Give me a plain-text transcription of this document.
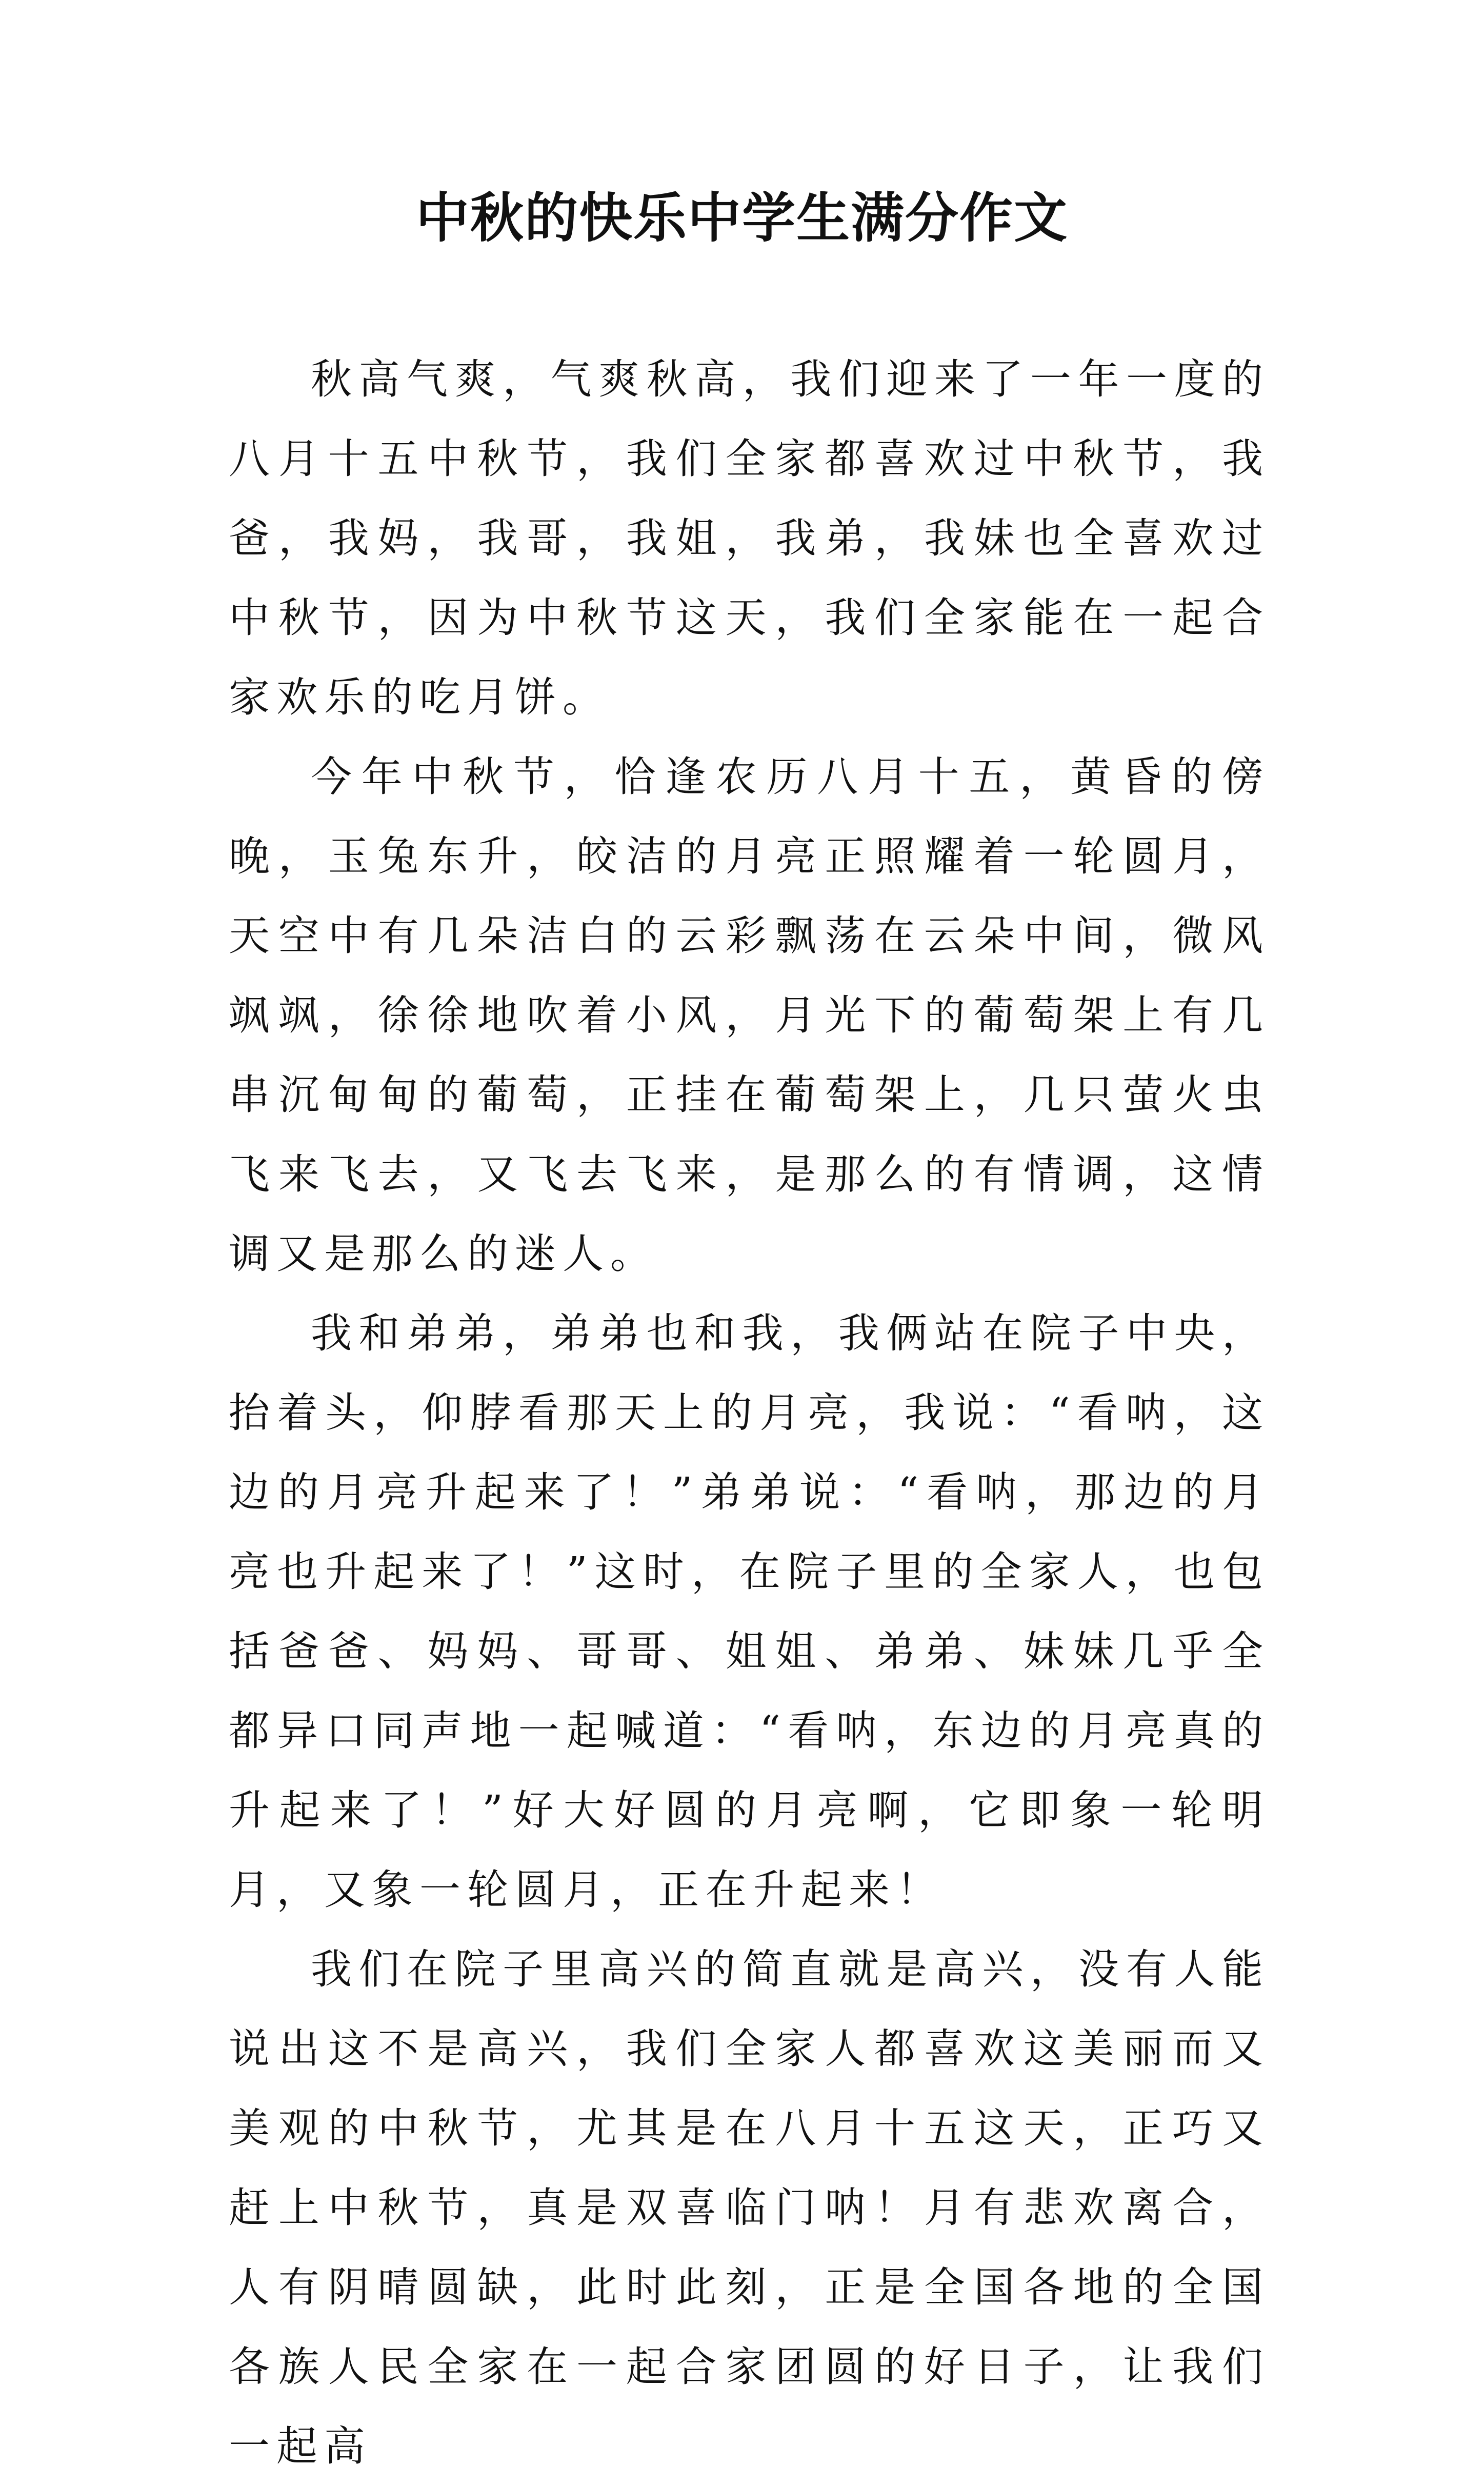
中秋的快乐中学生满分作文

秋高气爽，气爽秋高，我们迎来了一年一度的八月十五中秋节，我们全家都喜欢过中秋节，我爸，我妈，我哥，我姐，我弟，我妹也全喜欢过中秋节，因为中秋节这天，我们全家能在一起合家欢乐的吃月饼。

今年中秋节，恰逢农历八月十五，黄昏的傍晚，玉兔东升，皎洁的月亮正照耀着一轮圆月，天空中有几朵洁白的云彩飘荡在云朵中间，微风飒飒，徐徐地吹着小风，月光下的葡萄架上有几串沉甸甸的葡萄，正挂在葡萄架上，几只萤火虫飞来飞去，又飞去飞来，是那么的有情调，这情调又是那么的迷人。

我和弟弟，弟弟也和我，我俩站在院子中央，抬着头，仰脖看那天上的月亮，我说：“看呐，这边的月亮升起来了！”弟弟说：“看呐，那边的月亮也升起来了！”这时，在院子里的全家人，也包括爸爸、妈妈、哥哥、姐姐、弟弟、妹妹几乎全都异口同声地一起喊道：“看呐，东边的月亮真的升起来了！”好大好圆的月亮啊，它即象一轮明月，又象一轮圆月，正在升起来！

我们在院子里高兴的简直就是高兴，没有人能说出这不是高兴，我们全家人都喜欢这美丽而又美观的中秋节，尤其是在八月十五这天，正巧又赶上中秋节，真是双喜临门呐！月有悲欢离合，人有阴晴圆缺，此时此刻，正是全国各地的全国各族人民全家在一起合家团圆的好日子，让我们一起高
